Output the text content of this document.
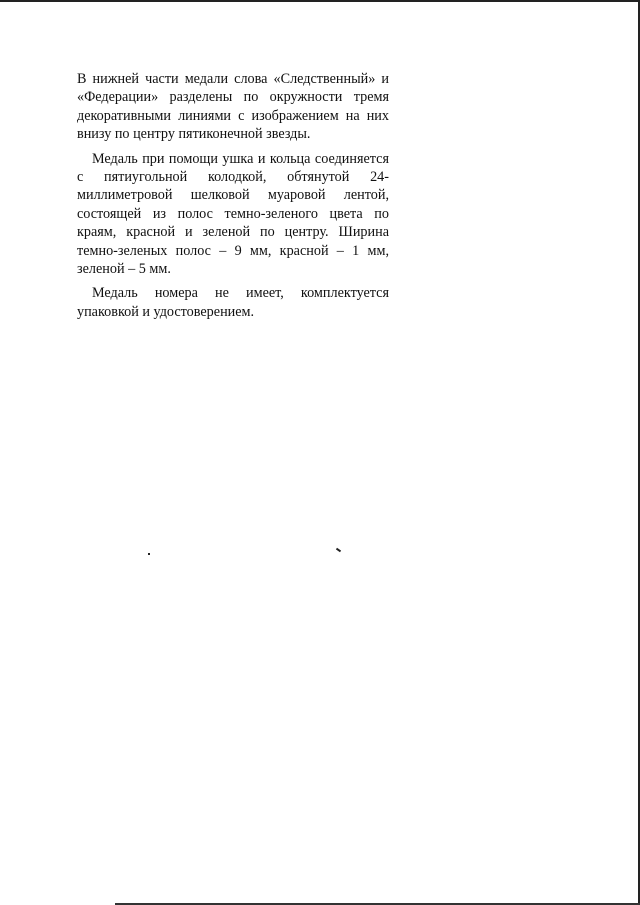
В нижней части медали слова «Следственный» и «Федерации» разделены по окружности тремя декоративными линиями с изображением на них внизу по центру пятиконечной звезды.

Медаль при помощи ушка и кольца соединяется с пятиугольной колодкой, обтянутой 24-миллиметровой шелковой муаровой лентой, состоящей из полос темно-зеленого цвета по краям, красной и зеленой по центру. Ширина темно-зеленых полос – 9 мм, красной – 1 мм, зеленой – 5 мм.

Медаль номера не имеет, комплектуется упаковкой и удостоверением.
